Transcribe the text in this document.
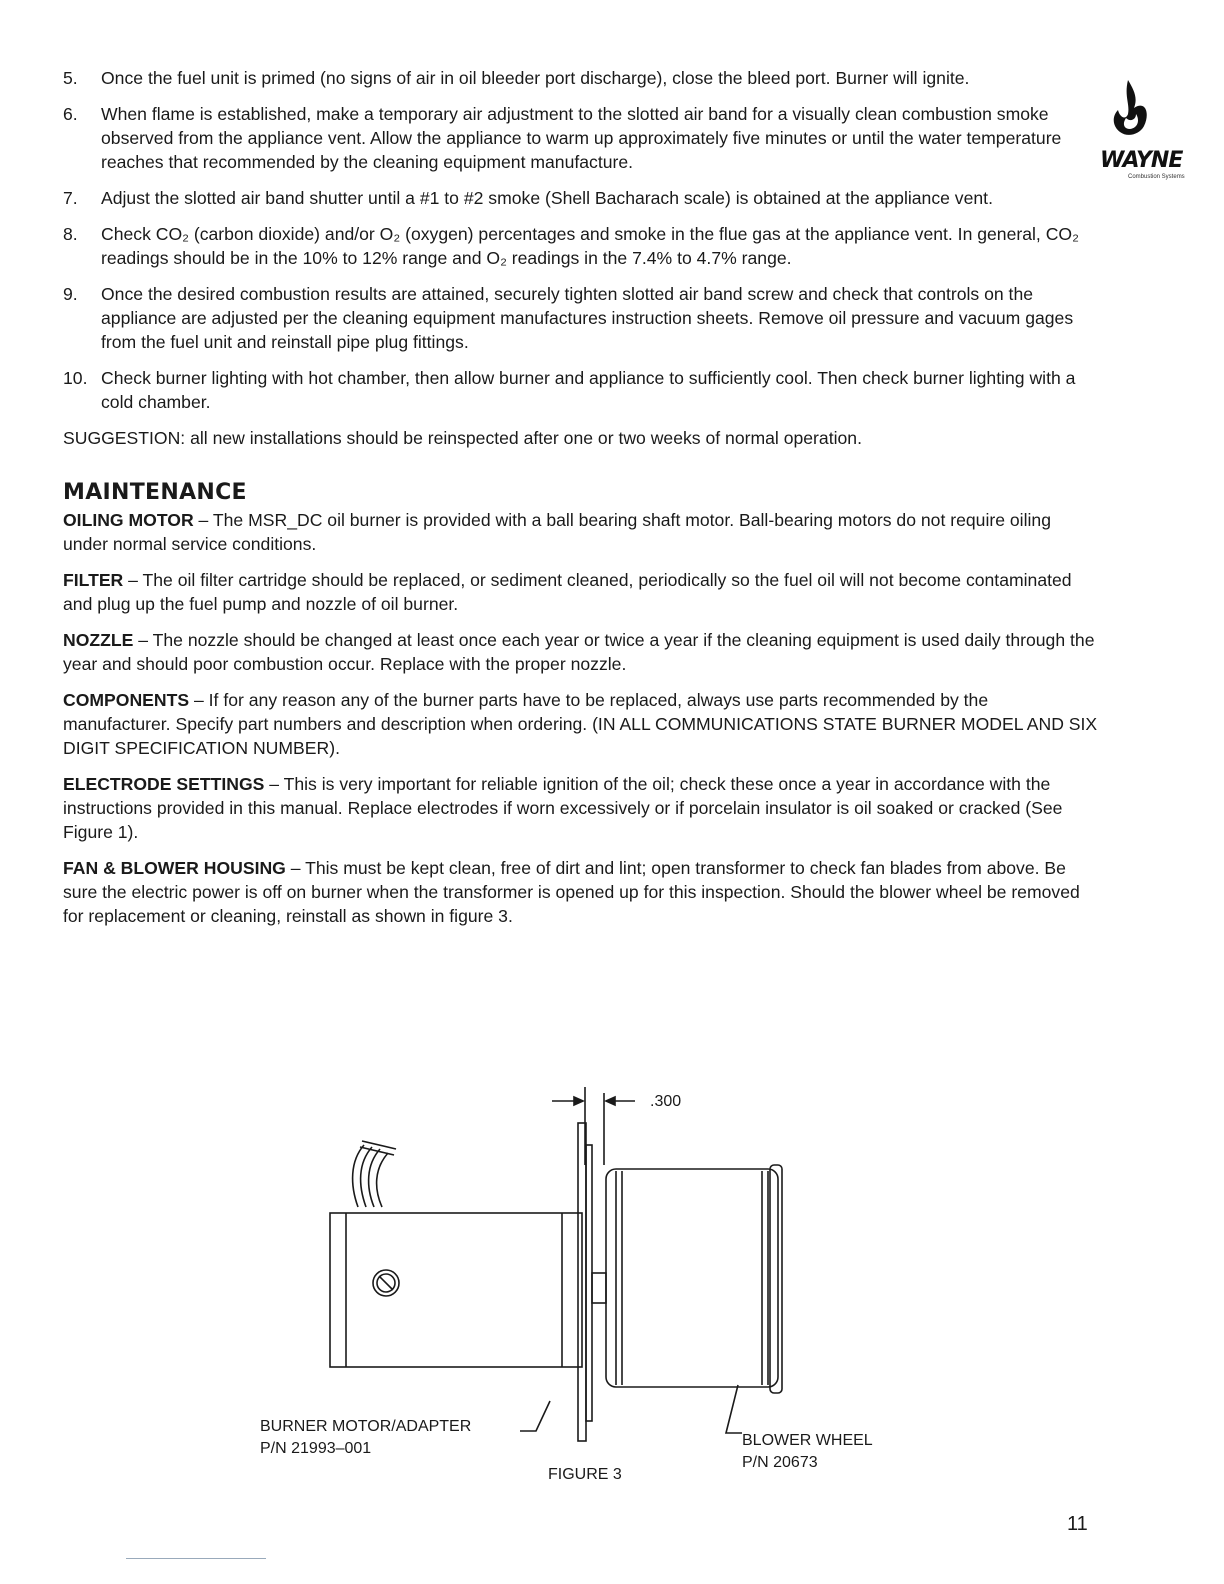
WAYNE
Combustion Systems
5. Once the fuel unit is primed (no signs of air in oil bleeder port discharge), close the bleed port. Burner will ignite.
6. When flame is established, make a temporary air adjustment to the slotted air band for a visually clean combustion smoke observed from the appliance vent. Allow the appliance to warm up approximately five minutes or until the water temperature reaches that recommended by the cleaning equipment manufacture.
7. Adjust the slotted air band shutter until a #1 to #2 smoke (Shell Bacharach scale) is obtained at the appliance vent.
8. Check CO₂ (carbon dioxide) and/or O₂ (oxygen) percentages and smoke in the flue gas at the appliance vent. In general, CO₂ readings should be in the 10% to 12% range and O₂ readings in the 7.4% to 4.7% range.
9. Once the desired combustion results are attained, securely tighten slotted air band screw and check that controls on the appliance are adjusted per the cleaning equipment manufactures instruction sheets. Remove oil pressure and vacuum gages from the fuel unit and reinstall pipe plug fittings.
10. Check burner lighting with hot chamber, then allow burner and appliance to sufficiently cool. Then check burner lighting with a cold chamber.

SUGGESTION: all new installations should be reinspected after one or two weeks of normal operation.

MAINTENANCE

OILING MOTOR – The MSR_DC oil burner is provided with a ball bearing shaft motor. Ball-bearing motors do not require oiling under normal service conditions.

FILTER – The oil filter cartridge should be replaced, or sediment cleaned, periodically so the fuel oil will not become contaminated and plug up the fuel pump and nozzle of oil burner.

NOZZLE – The nozzle should be changed at least once each year or twice a year if the cleaning equipment is used daily through the year and should poor combustion occur. Replace with the proper nozzle.

COMPONENTS – If for any reason any of the burner parts have to be replaced, always use parts recommended by the manufacturer. Specify part numbers and description when ordering. (IN ALL COMMUNICATIONS STATE BURNER MODEL AND SIX DIGIT SPECIFICATION NUMBER).

ELECTRODE SETTINGS – This is very important for reliable ignition of the oil; check these once a year in accordance with the instructions provided in this manual. Replace electrodes if worn excessively or if porcelain insulator is oil soaked or cracked (See Figure 1).

FAN & BLOWER HOUSING – This must be kept clean, free of dirt and lint; open transformer to check fan blades from above. Be sure the electric power is off on burner when the transformer is opened up for this inspection. Should the blower wheel be removed for replacement or cleaning, reinstall as shown in figure 3.

.300
BURNER MOTOR/ADAPTER
P/N 21993–001	BLOWER WHEEL
P/N 20673
FIGURE 3
11
